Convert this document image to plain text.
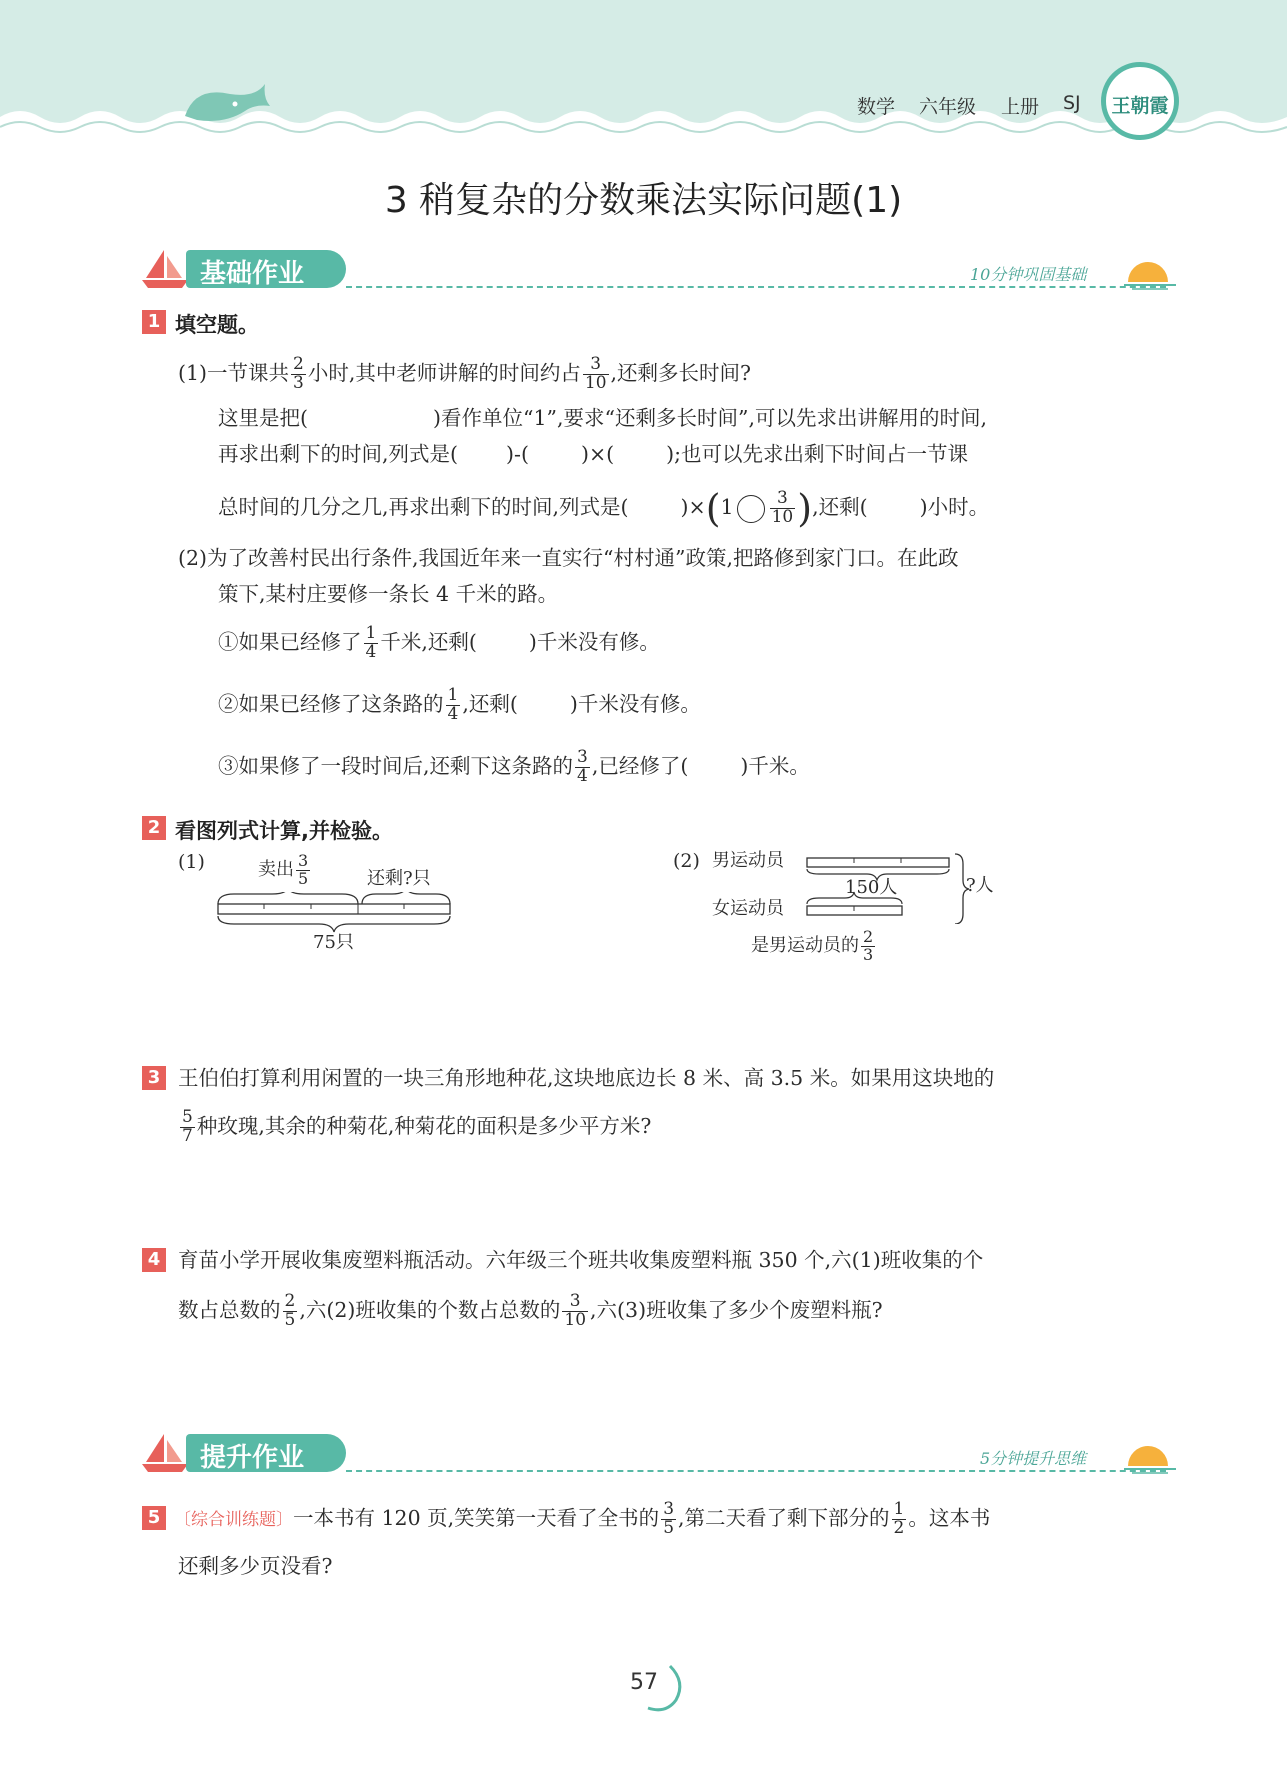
数学 六年级 上册 SJ	王朝霞
3 稍复杂的分数乘法实际问题(1)
基础作业	10分钟巩固基础
1 填空题。
(1)一节课共 $\frac{2}{3}$ 小时,其中老师讲解的时间约占 $\frac{3}{10}$ ,还剩多长时间?
这里是把(	)看作单位“1”,要求“还剩多长时间”,可以先求出讲解用的时间,
再求出剩下的时间,列式是( )-(	)×(	);也可以先求出剩下时间占一节课
总时间的几分之几,再求出剩下的时间,列式是(	)$\times(1 \frac{3}{10}$ ),还剩(	)小时。
(2)为了改善村民出行条件,我国近年来一直实行“村村通”政策,把路修到家门口。在此政
策下,某村庄要修一条长 4 千米的路。
①如果已经修了 $\frac{1}{4}$ 千米,还剩(	)千米没有修。
②如果已经修了这条路的 $\frac{1}{4}$ ,还剩(	)千米没有修。
③如果修了一段时间后,还剩下这条路的 $\frac{3}{4}$ ,已经修了(	)千米。
2 看图列式计算,并检验。
(1)	卖出 $\frac{3}{5}$	还剩?只
75只
(2) 男运动员
150人	?人
女运动员
是男运动员的 $\frac{2}{3}$
3 王伯伯打算利用闲置的一块三角形地种花,这块地底边长 8 米、高 3.5 米。如果用这块地的
$\frac{5}{7}$ 种玫瑰,其余的种菊花,种菊花的面积是多少平方米?
4 育苗小学开展收集废塑料瓶活动。六年级三个班共收集废塑料瓶 350 个,六(1)班收集的个
数占总数的 $\frac{2}{5}$ ,六(2)班收集的个数占总数的 $\frac{3}{10}$ ,六(3)班收集了多少个废塑料瓶?
提升作业	5分钟提升思维
5 〔综合训练题〕一本书有 120 页,笑笑第一天看了全书的 $\frac{3}{5}$ ,第二天看了剩下部分的 $\frac{1}{2}$ 。这本书
还剩多少页没看?
57
